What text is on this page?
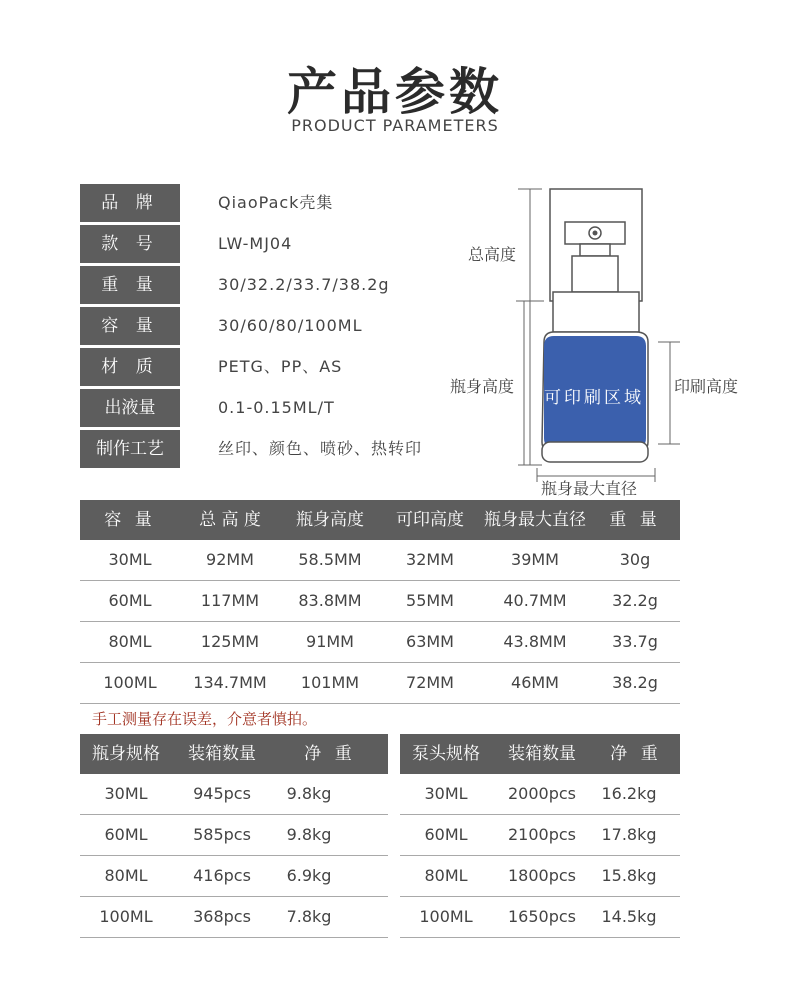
产品参数
PRODUCT PARAMETERS
品 牌	QiaoPack壳集
款 号	LW-MJ04
重 量	30/32.2/33.7/38.2g
容 量	30/60/80/100ML
材 质	PETG、PP、AS
出液量	0.1-0.15ML/T
制作工艺	丝印、颜色、喷砂、热转印
总高度
瓶身高度
可印刷区域
印刷高度
瓶身最大直径
容 量	总 高 度	瓶身高度	可印高度	瓶身最大直径	重 量
30ML	92MM	58.5MM	32MM	39MM	30g
60ML	117MM	83.8MM	55MM	40.7MM	32.2g
80ML	125MM	91MM	63MM	43.8MM	33.7g
100ML	134.7MM	101MM	72MM	46MM	38.2g
手工测量存在误差，介意者慎拍。
瓶身规格	装箱数量	净 重
30ML	945pcs	9.8kg
60ML	585pcs	9.8kg
80ML	416pcs	6.9kg
100ML	368pcs	7.8kg
泵头规格	装箱数量	净 重
30ML	2000pcs	16.2kg
60ML	2100pcs	17.8kg
80ML	1800pcs	15.8kg
100ML	1650pcs	14.5kg
